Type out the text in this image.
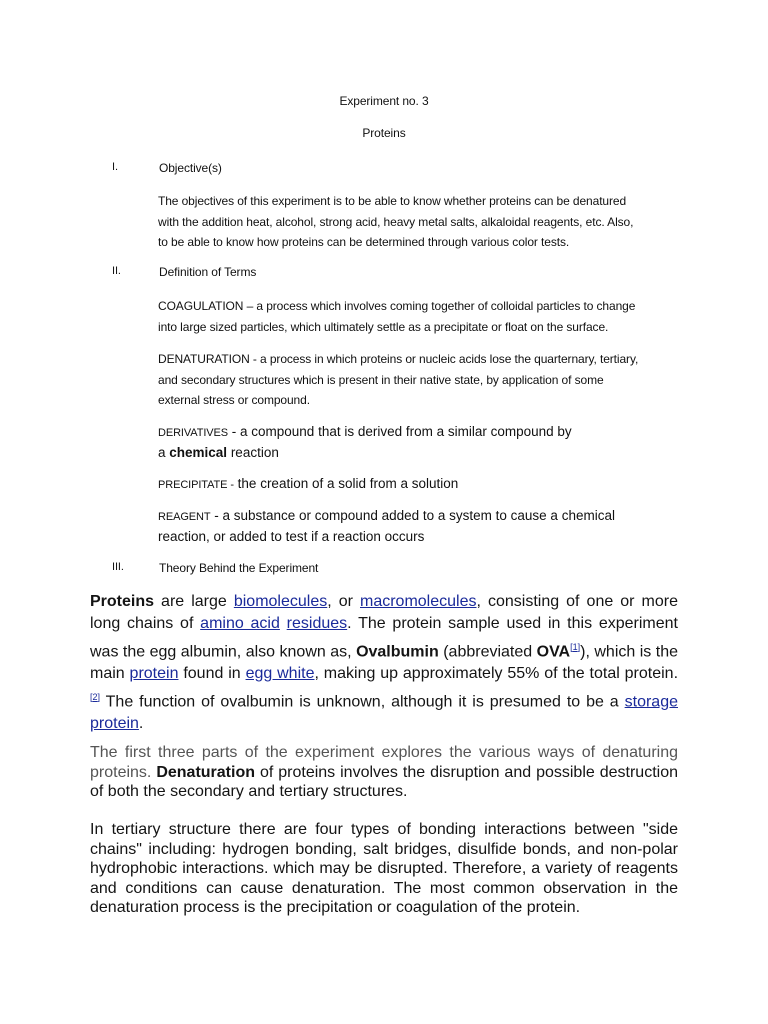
Experiment no. 3
Proteins
I.	Objective(s)
The objectives of this experiment is to be able to know whether proteins can be denatured
with the addition heat, alcohol, strong acid, heavy metal salts, alkaloidal reagents, etc. Also,
to be able to know how proteins can be determined through various color tests.
II.	Definition of Terms
COAGULATION – a process which involves coming together of colloidal particles to change
into large sized particles, which ultimately settle as a precipitate or float on the surface.
DENATURATION - a process in which proteins or nucleic acids lose the quarternary, tertiary,
and secondary structures which is present in their native state, by application of some
external stress or compound.
DERIVATIVES - a compound that is derived from a similar compound by
a chemical reaction
PRECIPITATE - the creation of a solid from a solution
REAGENT - a substance or compound added to a system to cause a chemical
reaction, or added to test if a reaction occurs
III.	Theory Behind the Experiment
Proteins are large biomolecules, or macromolecules, consisting of one or more long chains of amino acid residues. The protein sample used in this experiment was the egg albumin, also known as, Ovalbumin (abbreviated OVA[1]), which is the main protein found in egg white, making up approximately 55% of the total protein.[2] The function of ovalbumin is unknown, although it is presumed to be a storage protein.
The first three parts of the experiment explores the various ways of denaturing proteins. Denaturation of proteins involves the disruption and possible destruction of both the secondary and tertiary structures.
In tertiary structure there are four types of bonding interactions between "side chains" including: hydrogen bonding, salt bridges, disulfide bonds, and non-polar hydrophobic interactions. which may be disrupted. Therefore, a variety of reagents and conditions can cause denaturation. The most common observation in the denaturation process is the precipitation or coagulation of the protein.
